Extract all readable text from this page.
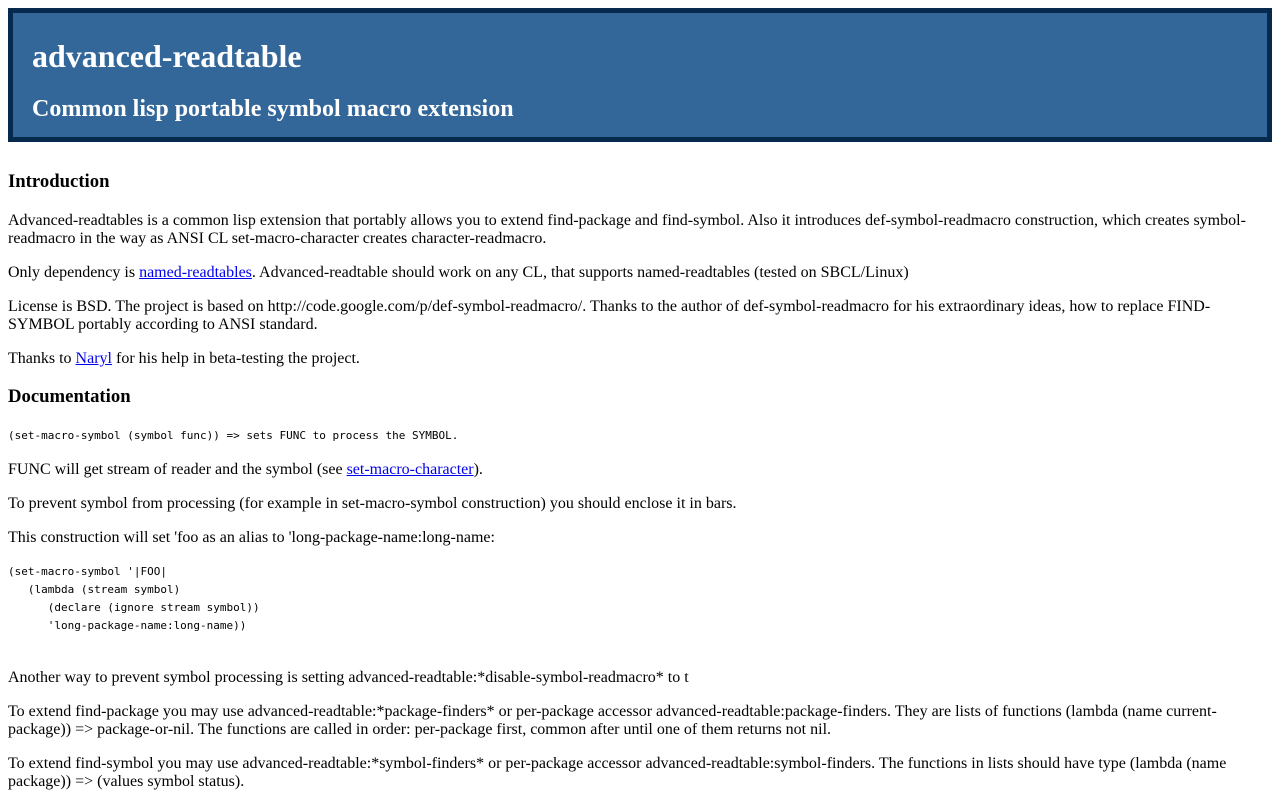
advanced-readtable
Common lisp portable symbol macro extension
Introduction

Advanced-readtables is a common lisp extension that portably allows you to extend find-package and find-symbol. Also it introduces def-symbol-readmacro construction, which creates symbol-readmacro in the way as ANSI CL set-macro-character creates character-readmacro.

Only dependency is named-readtables. Advanced-readtable should work on any CL, that supports named-readtables (tested on SBCL/Linux)

License is BSD. The project is based on http://code.google.com/p/def-symbol-readmacro/. Thanks to the author of def-symbol-readmacro for his extraordinary ideas, how to replace FIND-SYMBOL portably according to ANSI standard.

Thanks to Naryl for his help in beta-testing the project.

Documentation
(set-macro-symbol (symbol func)) => sets FUNC to process the SYMBOL.

FUNC will get stream of reader and the symbol (see set-macro-character).

To prevent symbol from processing (for example in set-macro-symbol construction) you should enclose it in bars.

This construction will set 'foo as an alias to 'long-package-name:long-name:

(set-macro-symbol '|FOO|
(lambda (stream symbol)
(declare (ignore stream symbol))
'long-package-name:long-name))

Another way to prevent symbol processing is setting advanced-readtable:*disable-symbol-readmacro* to t

To extend find-package you may use advanced-readtable:*package-finders* or per-package accessor advanced-readtable:package-finders. They are lists of functions (lambda (name current-package)) => package-or-nil. The functions are called in order: per-package first, common after until one of them returns not nil.

To extend find-symbol you may use advanced-readtable:*symbol-finders* or per-package accessor advanced-readtable:symbol-finders. The functions in lists should have type (lambda (name package)) => (values symbol status).
